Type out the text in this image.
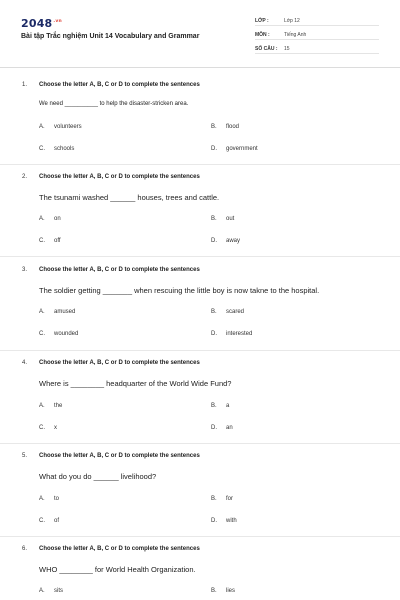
$2048^{.vn}$
Bài tập Trắc nghiệm Unit 14 Vocabulary and Grammar
LỚP :	Lớp 12
MÔN :	Tiếng Anh
SỐ CÂU : 15
1. Choose the letter A, B, C or D to complete the sentences
We need __________ to help the disaster-stricken area.
A. volunteers	B. flood
C. schools	D. government
2. Choose the letter A, B, C or D to complete the sentences
The tsunami washed ______ houses, trees and cattle.
A. on	B. out
C. off	D. away
3. Choose the letter A, B, C or D to complete the sentences
The soldier getting _______ when rescuing the little boy is now takne to the hospital.
A. amused	B. scared
C. wounded	D. interested
4. Choose the letter A, B, C or D to complete the sentences
Where is ________ headquarter of the World Wide Fund?
A. the	B. a
C. x	D. an
5. Choose the letter A, B, C or D to complete the sentences
What do you do ______ livelihood?
A. to	B. for
C. of	D. with
6. Choose the letter A, B, C or D to complete the sentences
WHO ________ for World Health Organization.
A. sits	B. lies
